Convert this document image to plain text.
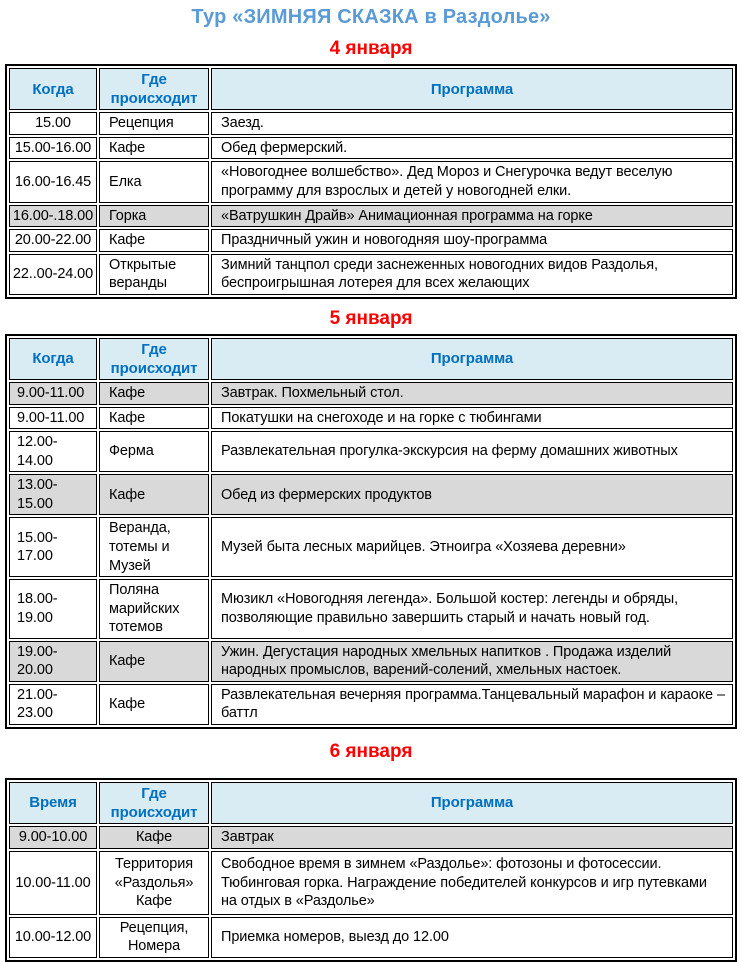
Тур «ЗИМНЯЯ СКАЗКА в Раздолье»
4 января
Когда	Где происходит	Программа
15.00	Рецепция	Заезд.
15.00-16.00	Кафе	Обед фермерский.
16.00-16.45	Елка	«Новогоднее волшебство». Дед Мороз и Снегурочка ведут веселую программу для взрослых и детей у новогодней елки.
16.00-.18.00	Горка	«Ватрушкин Драйв» Анимационная программа на горке
20.00-22.00	Кафе	Праздничный ужин и новогодняя шоу-программа
22..00-24.00	Открытые веранды	Зимний танцпол среди заснеженных новогодних видов Раздолья, беспроигрышная лотерея для всех желающих
5 января
Когда	Где происходит	Программа
9.00-11.00	Кафе	Завтрак. Похмельный стол.
9.00-11.00	Кафе	Покатушки на снегоходе и на горке с тюбингами
12.00-14.00	Ферма	Развлекательная прогулка-экскурсия на ферму домашних животных
13.00-15.00	Кафе	Обед из фермерских продуктов
15.00-17.00	Веранда, тотемы и Музей	Музей быта лесных марийцев. Этноигра «Хозяева деревни»
18.00-19.00	Поляна марийских тотемов	Мюзикл «Новогодняя легенда». Большой костер: легенды и обряды, позволяющие правильно завершить старый и начать новый год.
19.00-20.00	Кафе	Ужин. Дегустация народных хмельных напитков . Продажа изделий народных промыслов, варений-солений, хмельных настоек.
21.00-23.00	Кафе	Развлекательная вечерняя программа.Танцевальный марафон и караоке – баттл
6 января
Время	Где происходит	Программа
9.00-10.00	Кафе	Завтрак
10.00-11.00	Территория «Раздолья» Кафе	Свободное время в зимнем «Раздолье»: фотозоны и фотосессии. Тюбинговая горка. Награждение победителей конкурсов и игр путевками на отдых в «Раздолье»
10.00-12.00	Рецепция, Номера	Приемка номеров, выезд до 12.00
